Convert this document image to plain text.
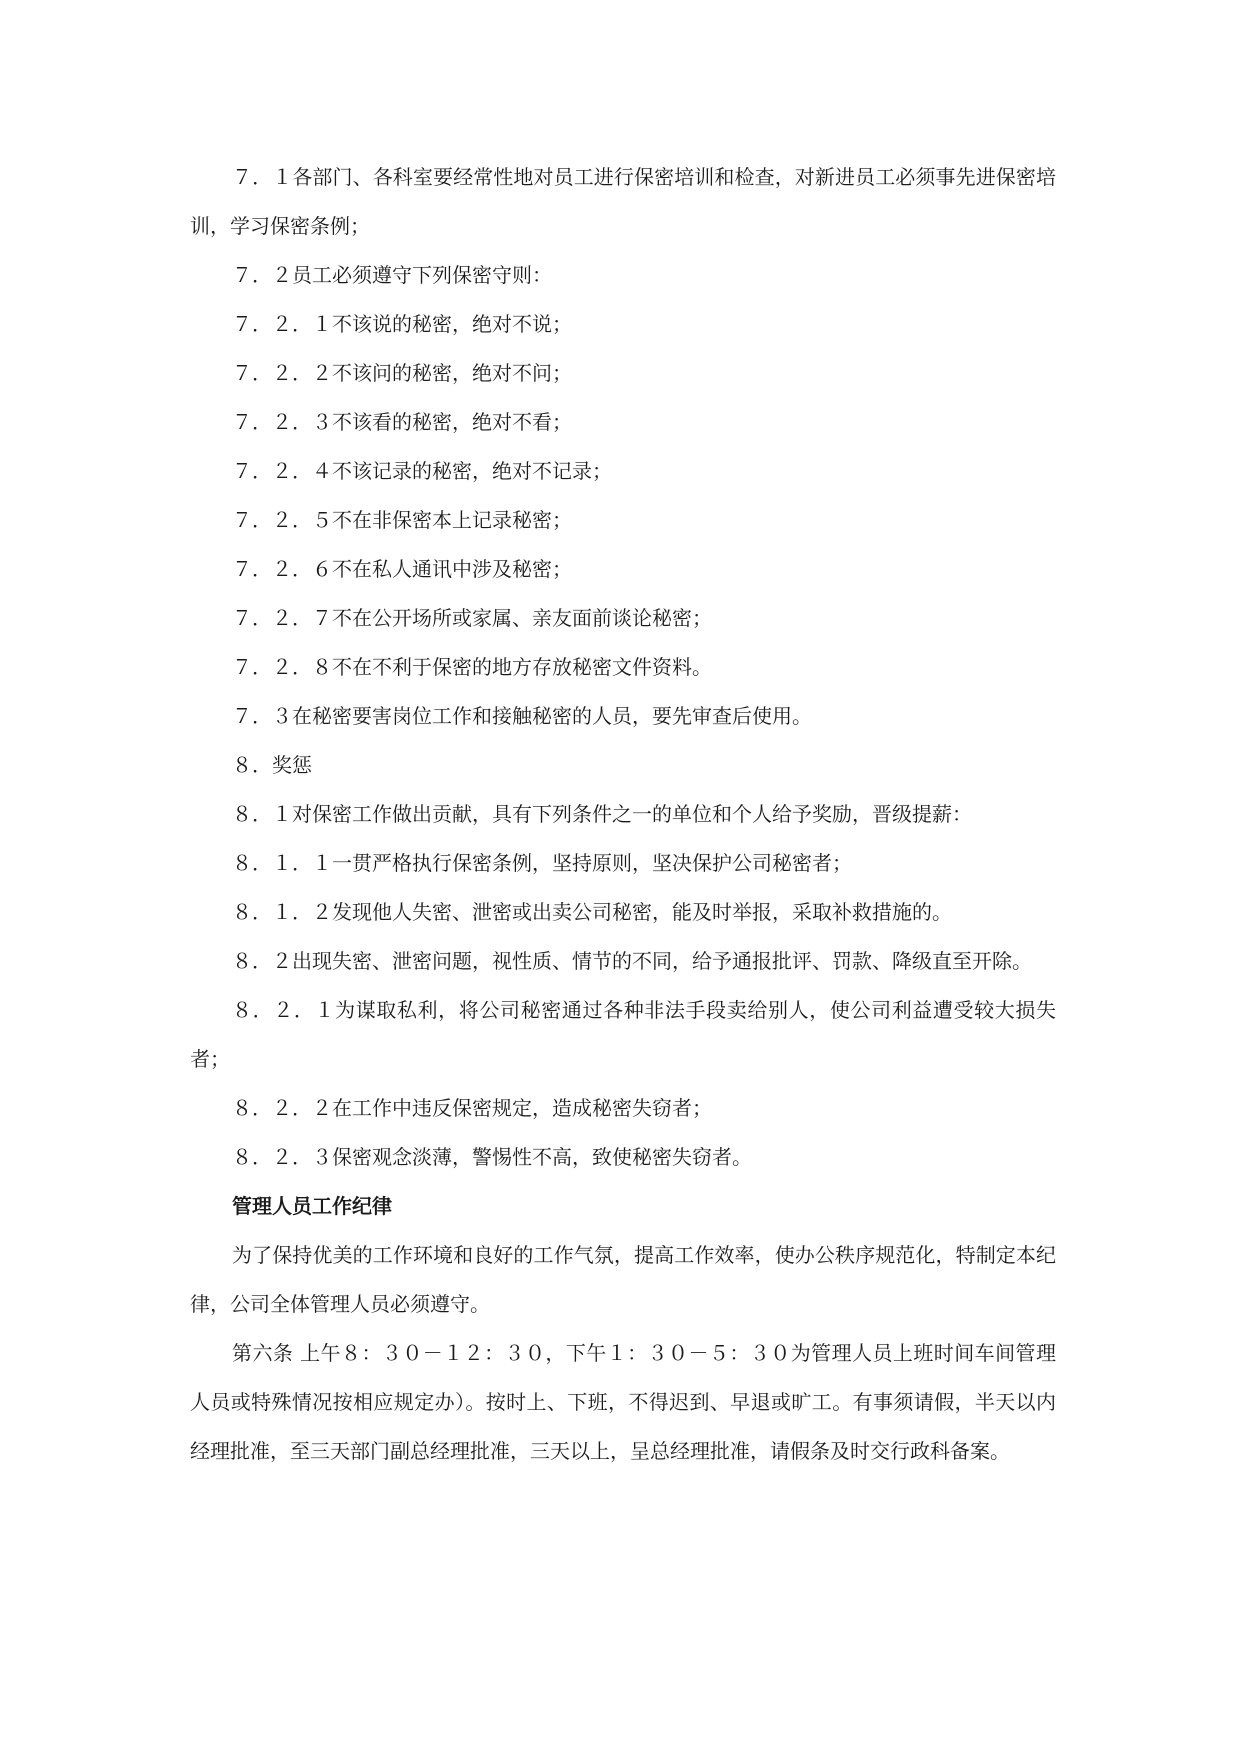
７．１各部门、各科室要经常性地对员工进行保密培训和检查，对新进员工必须事先进保密培训，学习保密条例；

７．２员工必须遵守下列保密守则：

７．２．１不该说的秘密，绝对不说；

７．２．２不该问的秘密，绝对不问；

７．２．３不该看的秘密，绝对不看；

７．２．４不该记录的秘密，绝对不记录；

７．２．５不在非保密本上记录秘密；

７．２．６不在私人通讯中涉及秘密；

７．２．７不在公开场所或家属、亲友面前谈论秘密；

７．２．８不在不利于保密的地方存放秘密文件资料。

７．３在秘密要害岗位工作和接触秘密的人员，要先审查后使用。

８．奖惩

８．１对保密工作做出贡献，具有下列条件之一的单位和个人给予奖励，晋级提薪：

８．１．１一贯严格执行保密条例，坚持原则，坚决保护公司秘密者；

８．１．２发现他人失密、泄密或出卖公司秘密，能及时举报，采取补救措施的。

８．２出现失密、泄密问题，视性质、情节的不同，给予通报批评、罚款、降级直至开除。

８．２．１为谋取私利，将公司秘密通过各种非法手段卖给别人，使公司利益遭受较大损失者；

８．２．２在工作中违反保密规定，造成秘密失窃者；

８．２．３保密观念淡薄，警惕性不高，致使秘密失窃者。

管理人员工作纪律

为了保持优美的工作环境和良好的工作气氛，提高工作效率，使办公秩序规范化，特制定本纪律，公司全体管理人员必须遵守。

第六条 上午８：３０－１２：３０，下午１：３０－５：３０为管理人员上班时间车间管理人员或特殊情况按相应规定办）。按时上、下班，不得迟到、早退或旷工。有事须请假，半天以内经理批准，至三天部门副总经理批准，三天以上，呈总经理批准，请假条及时交行政科备案。
